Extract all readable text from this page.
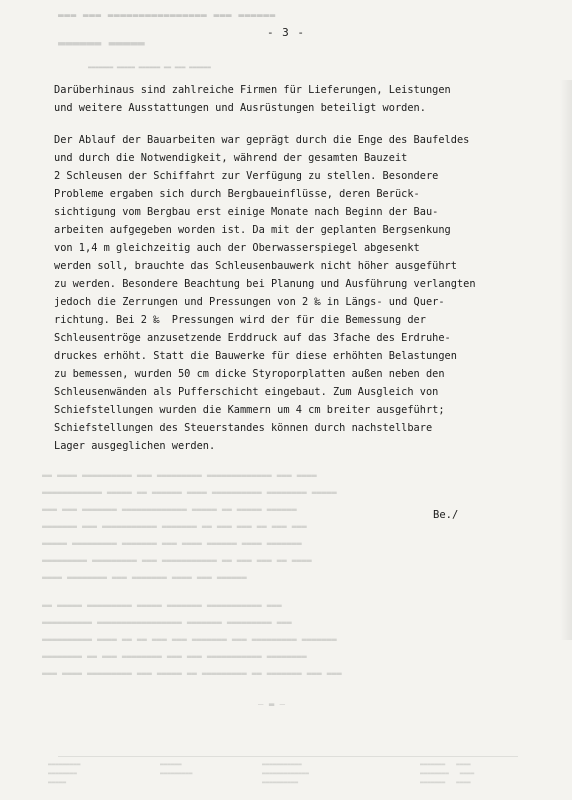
▬▬▬ ▬▬▬ ▬▬▬▬▬▬▬▬▬▬▬▬▬▬▬▬ ▬▬▬ ▬▬▬▬▬▬
▬▬▬▬▬▬ ▬▬▬▬▬
▬▬▬▬▬▬▬ ▬▬▬▬▬ ▬▬▬▬▬▬ ▬▬ ▬▬▬ ▬▬▬▬▬▬
- 3 -
Darüberhinaus sind zahlreiche Firmen für Lieferungen, Leistungen
und weitere Ausstattungen und Ausrüstungen beteiligt worden.
Der Ablauf der Bauarbeiten war geprägt durch die Enge des Baufeldes
und durch die Notwendigkeit, während der gesamten Bauzeit
2 Schleusen der Schiffahrt zur Verfügung zu stellen. Besondere
Probleme ergaben sich durch Bergbaueinflüsse, deren Berück-
sichtigung vom Bergbau erst einige Monate nach Beginn der Bau-
arbeiten aufgegeben worden ist. Da mit der geplanten Bergsenkung
von 1,4 m gleichzeitig auch der Oberwasserspiegel abgesenkt
werden soll, brauchte das Schleusenbauwerk nicht höher ausgeführt
zu werden. Besondere Beachtung bei Planung und Ausführung verlangten
jedoch die Zerrungen und Pressungen von 2 ‰ in Längs- und Quer-
richtung. Bei 2 ‰  Pressungen wird der für die Bemessung der
Schleusentröge anzusetzende Erddruck auf das 3fache des Erdruhe-
druckes erhöht. Statt die Bauwerke für diese erhöhten Belastungen
zu bemessen, wurden 50 cm dicke Styroporplatten außen neben den
Schleusenwänden als Pufferschicht eingebaut. Zum Ausgleich von
Schiefstellungen wurden die Kammern um 4 cm breiter ausgeführt;
Schiefstellungen des Steuerstandes können durch nachstellbare
Lager ausgeglichen werden.
▬▬ ▬▬▬▬ ▬▬▬▬▬▬▬▬▬▬ ▬▬▬ ▬▬▬▬▬▬▬▬▬ ▬▬▬▬▬▬▬▬▬▬▬▬▬ ▬▬▬ ▬▬▬▬
▬▬▬▬▬▬▬▬▬▬▬▬ ▬▬▬▬▬ ▬▬ ▬▬▬▬▬▬ ▬▬▬▬ ▬▬▬▬▬▬▬▬▬▬ ▬▬▬▬▬▬▬▬ ▬▬▬▬▬
▬▬▬ ▬▬▬ ▬▬▬▬▬▬▬ ▬▬▬▬▬▬▬▬▬▬▬▬▬ ▬▬▬▬▬ ▬▬ ▬▬▬▬▬ ▬▬▬▬▬▬
▬▬▬▬▬▬▬ ▬▬▬ ▬▬▬▬▬▬▬▬▬▬▬ ▬▬▬▬▬▬▬ ▬▬ ▬▬▬ ▬▬▬ ▬▬ ▬▬▬ ▬▬▬
▬▬▬▬▬ ▬▬▬▬▬▬▬▬▬ ▬▬▬▬▬▬▬ ▬▬▬ ▬▬▬▬ ▬▬▬▬▬▬ ▬▬▬▬ ▬▬▬▬▬▬▬
▬▬▬▬▬▬▬▬▬ ▬▬▬▬▬▬▬▬▬ ▬▬▬ ▬▬▬▬▬▬▬▬▬▬▬ ▬▬ ▬▬▬ ▬▬▬ ▬▬ ▬▬▬▬
▬▬▬▬ ▬▬▬▬▬▬▬▬ ▬▬▬ ▬▬▬▬▬▬▬ ▬▬▬▬ ▬▬▬ ▬▬▬▬▬▬
▬▬ ▬▬▬▬▬ ▬▬▬▬▬▬▬▬▬ ▬▬▬▬▬ ▬▬▬▬▬▬▬ ▬▬▬▬▬▬▬▬▬▬▬ ▬▬▬
▬▬▬▬▬▬▬▬▬▬ ▬▬▬▬▬▬▬▬▬▬▬▬▬▬▬▬▬ ▬▬▬▬▬▬▬ ▬▬▬▬▬▬▬▬▬ ▬▬▬
▬▬▬▬▬▬▬▬▬▬ ▬▬▬▬ ▬▬ ▬▬ ▬▬▬ ▬▬▬ ▬▬▬▬▬▬▬ ▬▬▬ ▬▬▬▬▬▬▬▬▬ ▬▬▬▬▬▬▬
▬▬▬▬▬▬▬▬ ▬▬ ▬▬▬ ▬▬▬▬▬▬▬▬ ▬▬▬ ▬▬▬ ▬▬▬▬▬▬▬▬▬▬▬ ▬▬▬▬▬▬▬▬
▬▬▬ ▬▬▬▬ ▬▬▬▬▬▬▬▬▬ ▬▬▬ ▬▬▬▬▬ ▬▬ ▬▬▬▬▬▬▬▬▬ ▬▬ ▬▬▬▬▬▬▬ ▬▬▬ ▬▬▬
Be./
— ▬ —
▬▬▬▬▬▬▬▬▬
▬▬▬▬▬▬▬▬
▬▬▬▬▬
▬▬▬▬▬▬
▬▬▬▬▬▬▬▬▬
▬▬▬▬▬▬▬▬▬▬▬
▬▬▬▬▬▬▬▬▬▬▬▬▬
▬▬▬▬▬▬▬▬▬▬
▬▬▬▬▬▬▬   ▬▬▬▬
▬▬▬▬▬▬▬▬   ▬▬▬▬
▬▬▬▬▬▬▬   ▬▬▬▬
